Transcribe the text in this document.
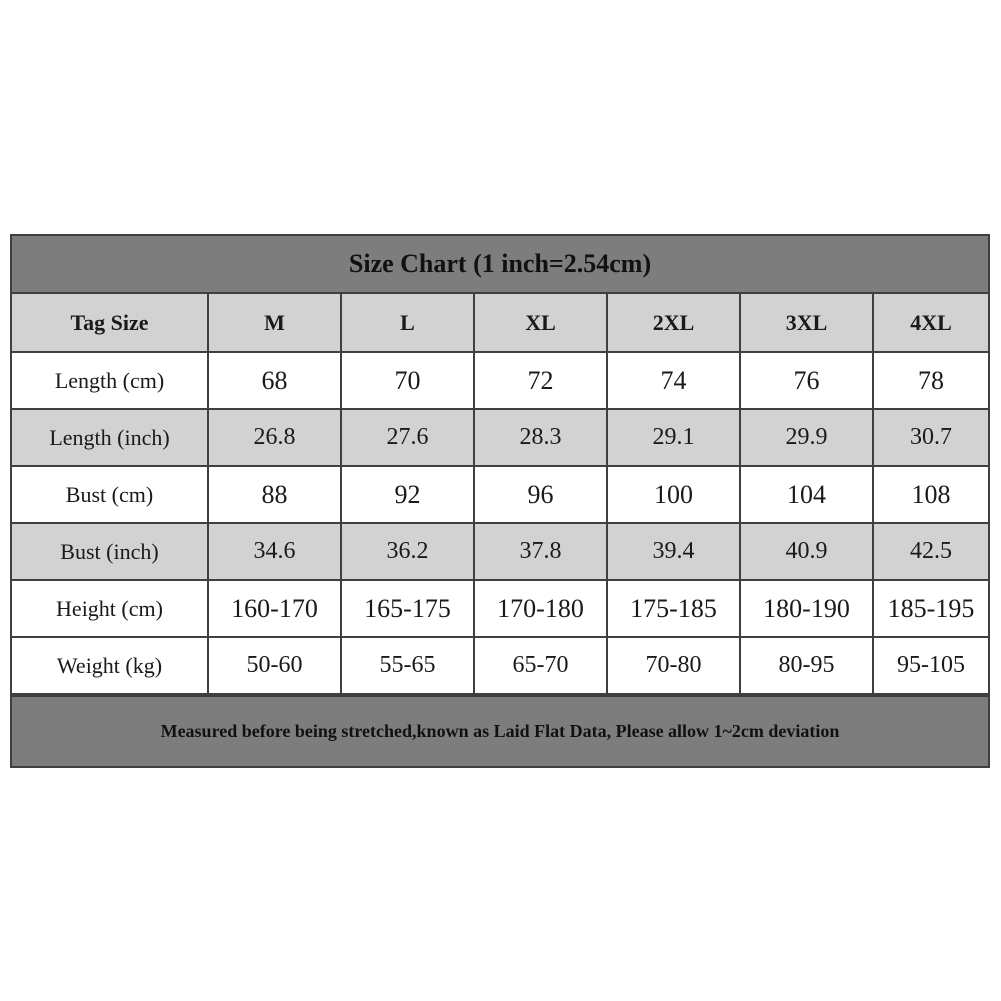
Size Chart (1 inch=2.54cm)
Tag Size	M	L	XL	2XL	3XL	4XL
Length (cm)	68	70	72	74	76	78
Length (inch)	26.8	27.6	28.3	29.1	29.9	30.7
Bust (cm)	88	92	96	100	104	108
Bust (inch)	34.6	36.2	37.8	39.4	40.9	42.5
Height (cm)	160-170	165-175	170-180	175-185	180-190	185-195
Weight (kg)	50-60	55-65	65-70	70-80	80-95	95-105
Measured before being stretched,known as Laid Flat Data, Please allow 1~2cm deviation
